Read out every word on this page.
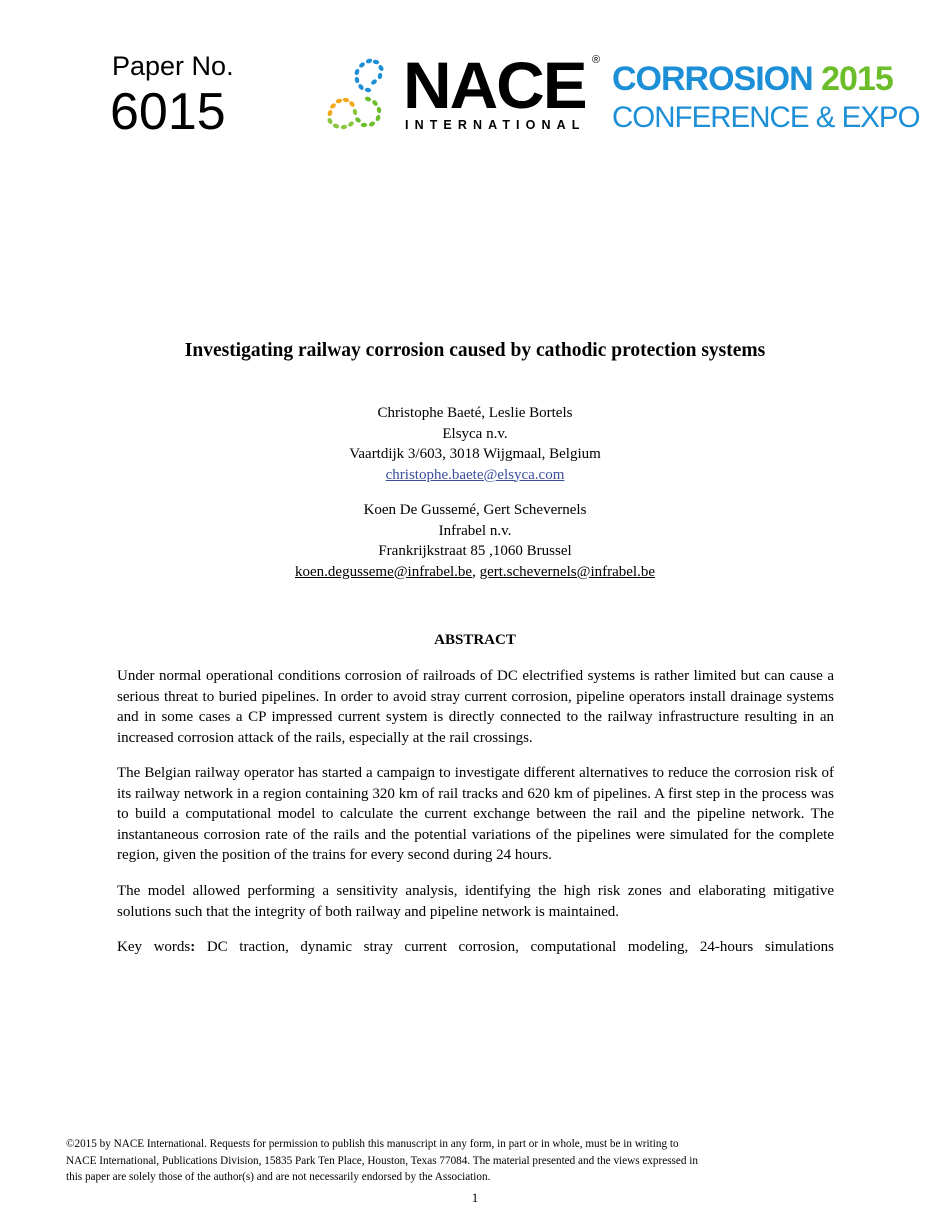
Paper No.
6015	NACE ®
INTERNATIONAL
CORROSION 2015
CONFERENCE & EXPO
Investigating railway corrosion caused by cathodic protection systems
Christophe Baeté, Leslie Bortels
Elsyca n.v.
Vaartdijk 3/603, 3018 Wijgmaal, Belgium
christophe.baete@elsyca.com
Koen De Gussemé, Gert Schevernels
Infrabel n.v.
Frankrijkstraat 85 ,1060 Brussel
koen.degusseme@infrabel.be, gert.schevernels@infrabel.be
ABSTRACT
Under normal operational conditions corrosion of railroads of DC electrified systems is rather limited but can cause a serious threat to buried pipelines. In order to avoid stray current corrosion, pipeline operators install drainage systems and in some cases a CP impressed current system is directly connected to the railway infrastructure resulting in an increased corrosion attack of the rails, especially at the rail crossings.
The Belgian railway operator has started a campaign to investigate different alternatives to reduce the corrosion risk of its railway network in a region containing 320 km of rail tracks and 620 km of pipelines. A first step in the process was to build a computational model to calculate the current exchange between the rail and the pipeline network. The instantaneous corrosion rate of the rails and the potential variations of the pipelines were simulated for the complete region, given the position of the trains for every second during 24 hours.
The model allowed performing a sensitivity analysis, identifying the high risk zones and elaborating mitigative solutions such that the integrity of both railway and pipeline network is maintained.
Key words: DC traction, dynamic stray current corrosion, computational modeling, 24-hours simulations
©2015 by NACE International. Requests for permission to publish this manuscript in any form, in part or in whole, must be in writing to
NACE International, Publications Division, 15835 Park Ten Place, Houston, Texas 77084. The material presented and the views expressed in
this paper are solely those of the author(s) and are not necessarily endorsed by the Association.
1
